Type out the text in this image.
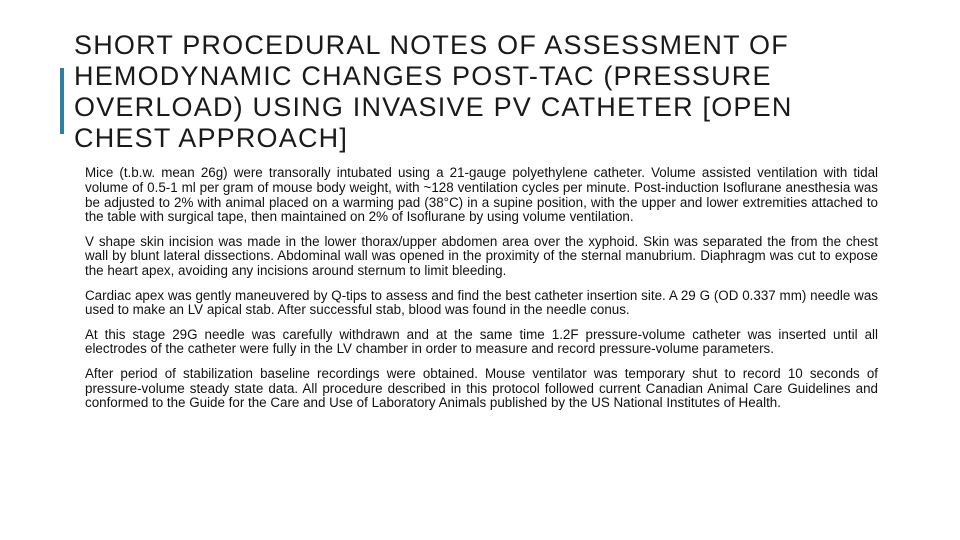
SHORT PROCEDURAL NOTES OF ASSESSMENT OF HEMODYNAMIC CHANGES POST-TAC (PRESSURE OVERLOAD) USING INVASIVE PV CATHETER [OPEN CHEST APPROACH]

Mice (t.b.w. mean 26g) were transorally intubated using a 21-gauge polyethylene catheter. Volume assisted ventilation with tidal volume of 0.5-1 ml per gram of mouse body weight, with ~128 ventilation cycles per minute. Post-induction Isoflurane anesthesia was be adjusted to 2% with animal placed on a warming pad (38°C) in a supine position, with the upper and lower extremities attached to the table with surgical tape, then maintained on 2% of Isoflurane by using volume ventilation.

V shape skin incision was made in the lower thorax/upper abdomen area over the xyphoid. Skin was separated the from the chest wall by blunt lateral dissections. Abdominal wall was opened in the proximity of the sternal manubrium. Diaphragm was cut to expose the heart apex, avoiding any incisions around sternum to limit bleeding.

Cardiac apex was gently maneuvered by Q-tips to assess and find the best catheter insertion site. A 29 G (OD 0.337 mm) needle was used to make an LV apical stab. After successful stab, blood was found in the needle conus.

At this stage 29G needle was carefully withdrawn and at the same time 1.2F pressure-volume catheter was inserted until all electrodes of the catheter were fully in the LV chamber in order to measure and record pressure-volume parameters.

After period of stabilization baseline recordings were obtained. Mouse ventilator was temporary shut to record 10 seconds of pressure-volume steady state data. All procedure described in this protocol followed current Canadian Animal Care Guidelines and conformed to the Guide for the Care and Use of Laboratory Animals published by the US National Institutes of Health.
